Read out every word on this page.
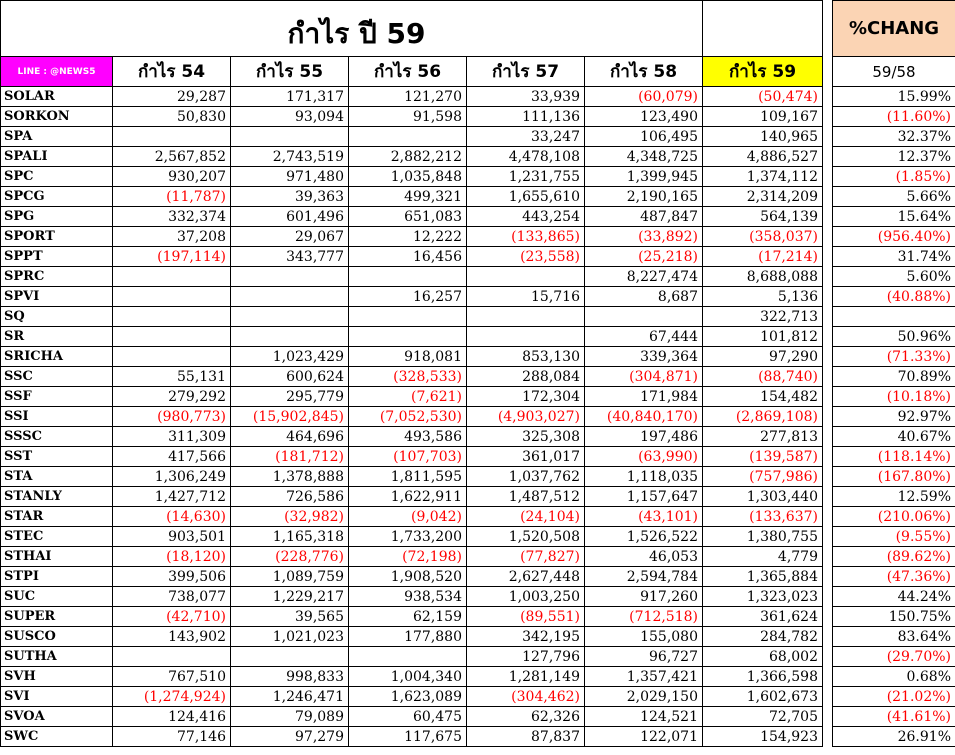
กำไร ปี 59								%CHANG
LINE : @NEWS5	กำไร 54	กำไร 55	กำไร 56	กำไร 57	กำไร 58	กำไร 59		59/58
SOLAR	29,287	171,317	121,270	33,939	(60,079)	(50,474)		15.99%
SORKON	50,830	93,094	91,598	111,136	123,490	109,167		(11.60%)
SPA				33,247	106,495	140,965		32.37%
SPALI	2,567,852	2,743,519	2,882,212	4,478,108	4,348,725	4,886,527		12.37%
SPC	930,207	971,480	1,035,848	1,231,755	1,399,945	1,374,112		(1.85%)
SPCG	(11,787)	39,363	499,321	1,655,610	2,190,165	2,314,209		5.66%
SPG	332,374	601,496	651,083	443,254	487,847	564,139		15.64%
SPORT	37,208	29,067	12,222	(133,865)	(33,892)	(358,037)		(956.40%)
SPPT	(197,114)	343,777	16,456	(23,558)	(25,218)	(17,214)		31.74%
SPRC					8,227,474	8,688,088		5.60%
SPVI			16,257	15,716	8,687	5,136		(40.88%)
SQ						322,713		
SR					67,444	101,812		50.96%
SRICHA		1,023,429	918,081	853,130	339,364	97,290		(71.33%)
SSC	55,131	600,624	(328,533)	288,084	(304,871)	(88,740)		70.89%
SSF	279,292	295,779	(7,621)	172,304	171,984	154,482		(10.18%)
SSI	(980,773)	(15,902,845)	(7,052,530)	(4,903,027)	(40,840,170)	(2,869,108)		92.97%
SSSC	311,309	464,696	493,586	325,308	197,486	277,813		40.67%
SST	417,566	(181,712)	(107,703)	361,017	(63,990)	(139,587)		(118.14%)
STA	1,306,249	1,378,888	1,811,595	1,037,762	1,118,035	(757,986)		(167.80%)
STANLY	1,427,712	726,586	1,622,911	1,487,512	1,157,647	1,303,440		12.59%
STAR	(14,630)	(32,982)	(9,042)	(24,104)	(43,101)	(133,637)		(210.06%)
STEC	903,501	1,165,318	1,733,200	1,520,508	1,526,522	1,380,755		(9.55%)
STHAI	(18,120)	(228,776)	(72,198)	(77,827)	46,053	4,779		(89.62%)
STPI	399,506	1,089,759	1,908,520	2,627,448	2,594,784	1,365,884		(47.36%)
SUC	738,077	1,229,217	938,534	1,003,250	917,260	1,323,023		44.24%
SUPER	(42,710)	39,565	62,159	(89,551)	(712,518)	361,624		150.75%
SUSCO	143,902	1,021,023	177,880	342,195	155,080	284,782		83.64%
SUTHA				127,796	96,727	68,002		(29.70%)
SVH	767,510	998,833	1,004,340	1,281,149	1,357,421	1,366,598		0.68%
SVI	(1,274,924)	1,246,471	1,623,089	(304,462)	2,029,150	1,602,673		(21.02%)
SVOA	124,416	79,089	60,475	62,326	124,521	72,705		(41.61%)
SWC	77,146	97,279	117,675	87,837	122,071	154,923		26.91%
